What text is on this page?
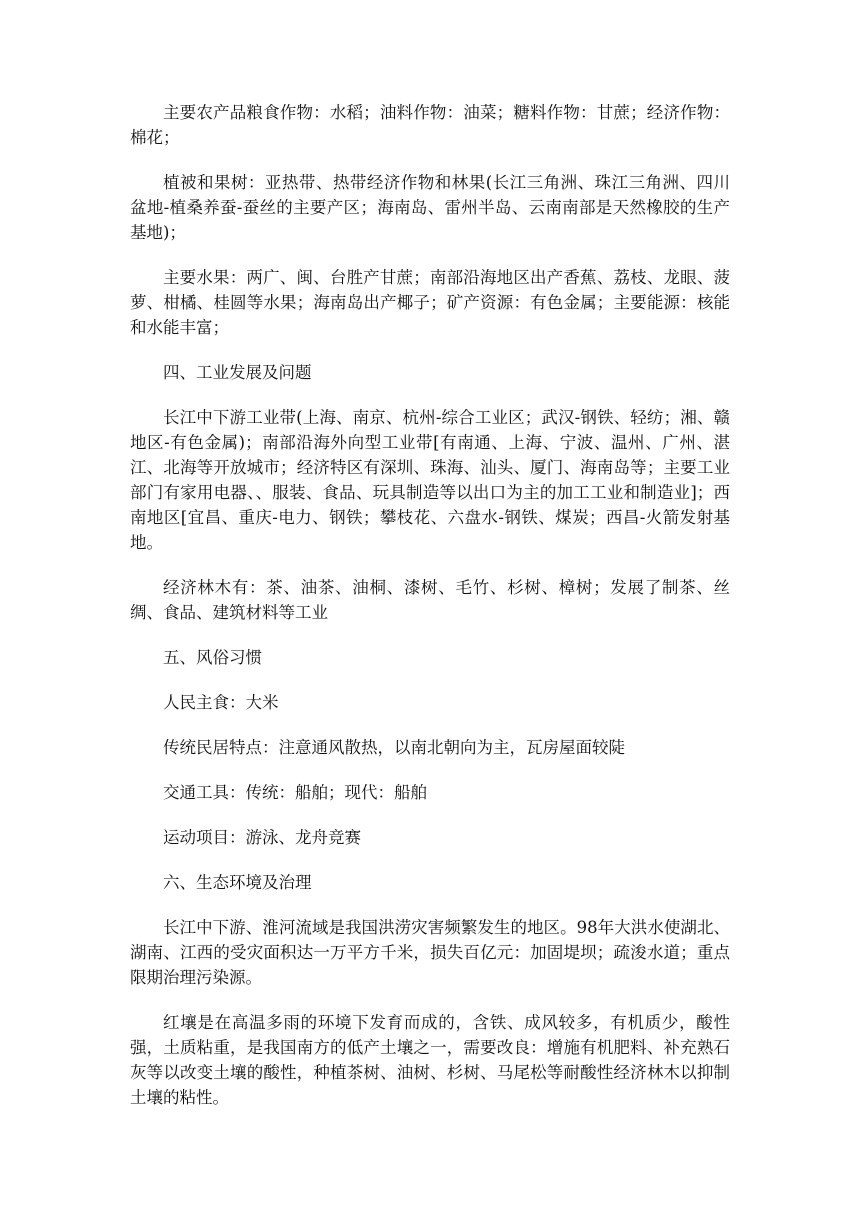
主要农产品粮食作物：水稻；油料作物：油菜；糖料作物：甘蔗；经济作物：棉花；

植被和果树：亚热带、热带经济作物和林果(长江三角洲、珠江三角洲、四川盆地-植桑养蚕-蚕丝的主要产区；海南岛、雷州半岛、云南南部是天然橡胶的生产基地)；

主要水果：两广、闽、台胜产甘蔗；南部沿海地区出产香蕉、荔枝、龙眼、菠萝、柑橘、桂圆等水果；海南岛出产椰子；矿产资源：有色金属；主要能源：核能和水能丰富；

四、工业发展及问题

长江中下游工业带(上海、南京、杭州-综合工业区；武汉-钢铁、轻纺；湘、赣地区-有色金属)；南部沿海外向型工业带[有南通、上海、宁波、温州、广州、湛江、北海等开放城市；经济特区有深圳、珠海、汕头、厦门、海南岛等；主要工业部门有家用电器、、服装、食品、玩具制造等以出口为主的加工工业和制造业]；西南地区[宜昌、重庆-电力、钢铁；攀枝花、六盘水-钢铁、煤炭；西昌-火箭发射基地。

经济林木有：茶、油茶、油桐、漆树、毛竹、杉树、樟树；发展了制茶、丝绸、食品、建筑材料等工业

五、风俗习惯

人民主食：大米

传统民居特点：注意通风散热，以南北朝向为主，瓦房屋面较陡

交通工具：传统：船舶；现代：船舶

运动项目：游泳、龙舟竞赛

六、生态环境及治理

长江中下游、淮河流域是我国洪涝灾害频繁发生的地区。98年大洪水使湖北、湖南、江西的受灾面积达一万平方千米，损失百亿元：加固堤坝；疏浚水道；重点限期治理污染源。

红壤是在高温多雨的环境下发育而成的，含铁、成风较多，有机质少，酸性强，土质粘重，是我国南方的低产土壤之一，需要改良：增施有机肥料、补充熟石灰等以改变土壤的酸性，种植茶树、油树、杉树、马尾松等耐酸性经济林木以抑制土壤的粘性。
